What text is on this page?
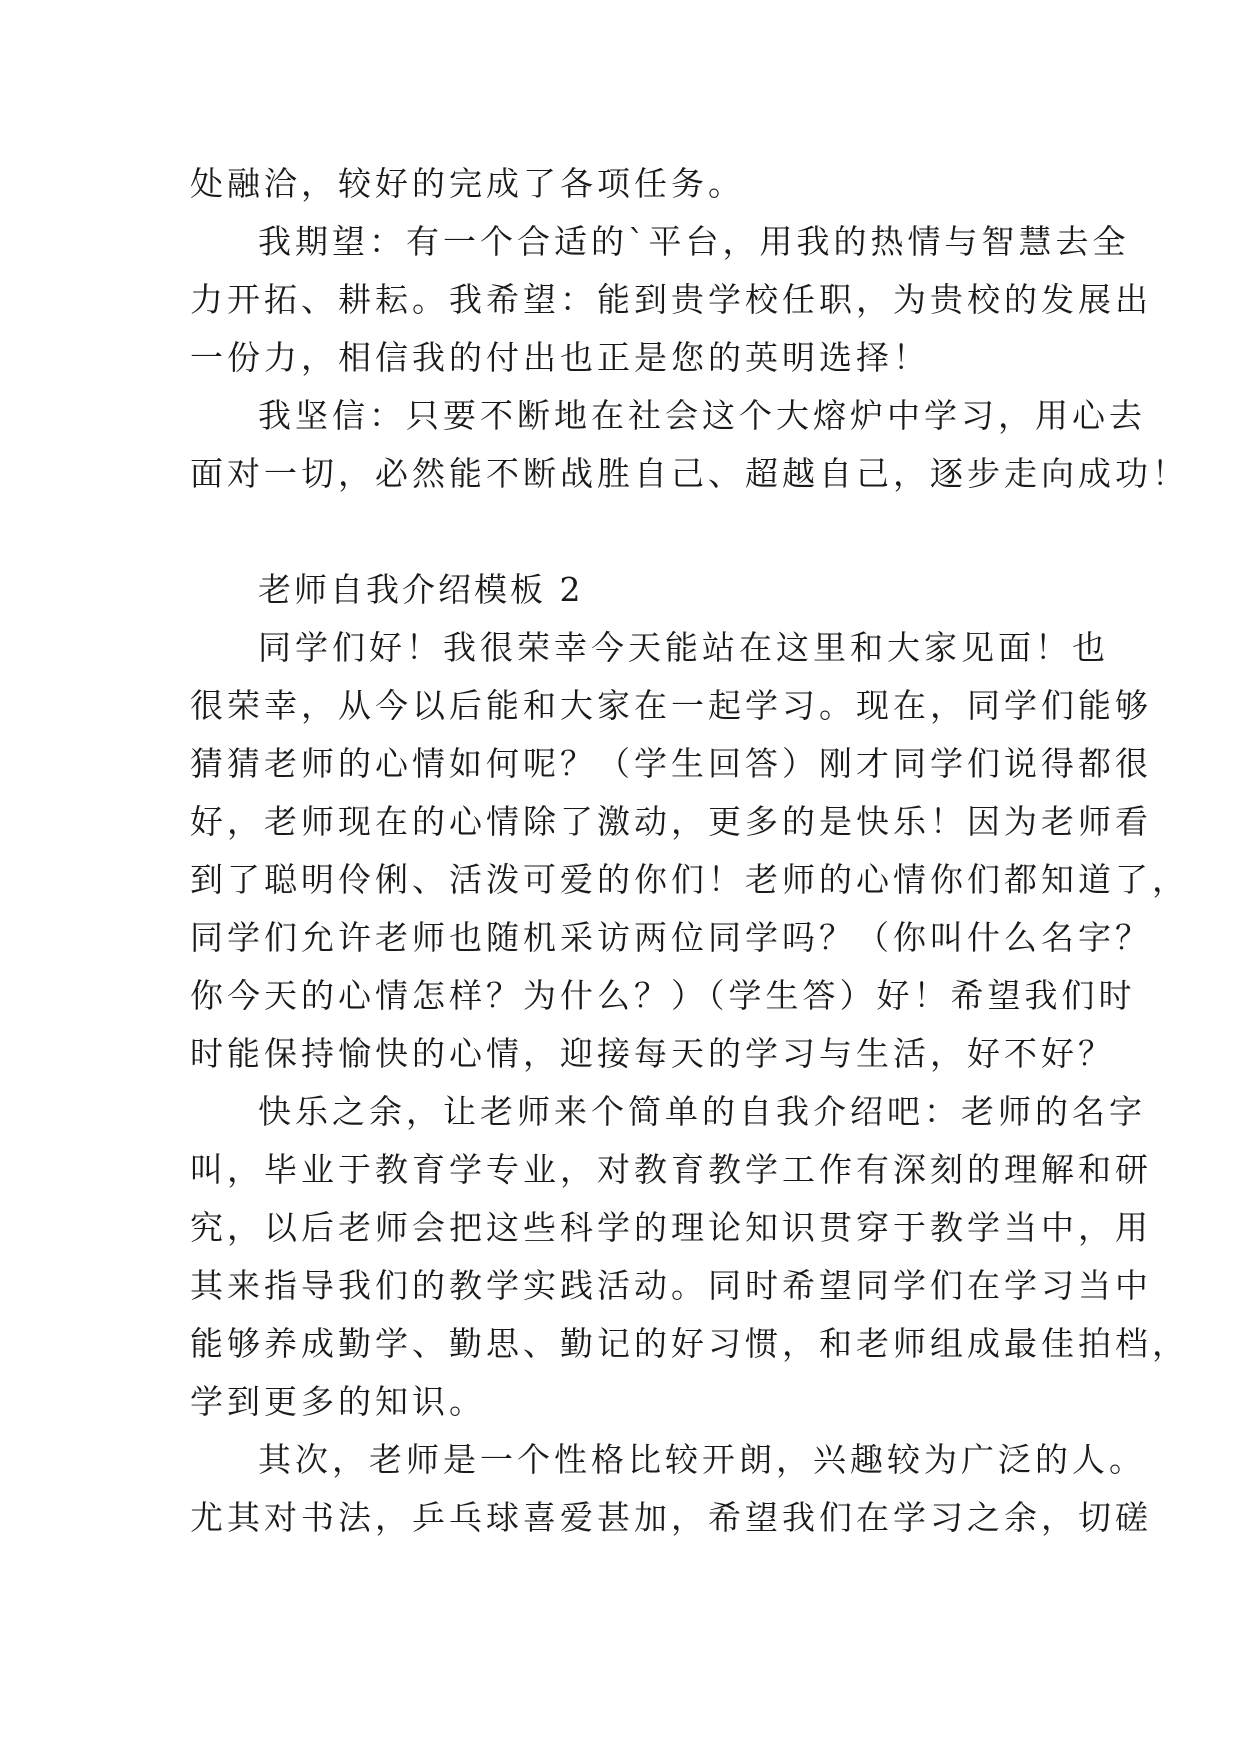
处融洽，较好的完成了各项任务。
我期望：有一个合适的`平台，用我的热情与智慧去全
力开拓、耕耘。我希望：能到贵学校任职，为贵校的发展出
一份力，相信我的付出也正是您的英明选择！
我坚信：只要不断地在社会这个大熔炉中学习，用心去
面对一切，必然能不断战胜自己、超越自己，逐步走向成功！
老师自我介绍模板 2
同学们好！我很荣幸今天能站在这里和大家见面！也
很荣幸，从今以后能和大家在一起学习。现在，同学们能够
猜猜老师的心情如何呢？（学生回答）刚才同学们说得都很
好，老师现在的心情除了激动，更多的是快乐！因为老师看
到了聪明伶俐、活泼可爱的你们！老师的心情你们都知道了，
同学们允许老师也随机采访两位同学吗？（你叫什么名字？
你今天的心情怎样？为什么？）（学生答）好！希望我们时
时能保持愉快的心情，迎接每天的学习与生活，好不好？
快乐之余，让老师来个简单的自我介绍吧：老师的名字
叫，毕业于教育学专业，对教育教学工作有深刻的理解和研
究，以后老师会把这些科学的理论知识贯穿于教学当中，用
其来指导我们的教学实践活动。同时希望同学们在学习当中
能够养成勤学、勤思、勤记的好习惯，和老师组成最佳拍档，
学到更多的知识。
其次，老师是一个性格比较开朗，兴趣较为广泛的人。
尤其对书法，乒乓球喜爱甚加，希望我们在学习之余，切磋
